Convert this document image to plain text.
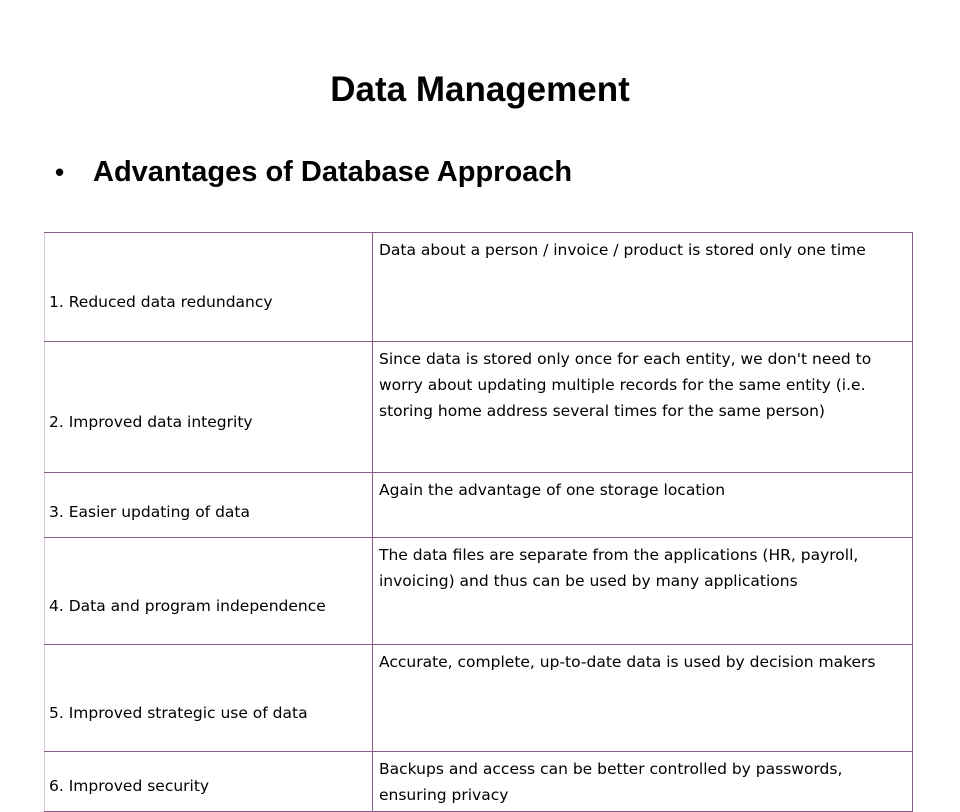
Data Management
• Advantages of Database Approach
1. Reduced data redundancy	Data about a person / invoice / product is stored only one time
2. Improved data integrity	Since data is stored only once for each entity, we don't need to worry about updating multiple records for the same entity (i.e. storing home address several times for the same person)
3. Easier updating of data	Again the advantage of one storage location
4. Data and program independence	The data files are separate from the applications (HR, payroll, invoicing) and thus can be used by many applications
5. Improved strategic use of data	Accurate, complete, up-to-date data is used by decision makers
6. Improved security	Backups and access can be better controlled by passwords, ensuring privacy
